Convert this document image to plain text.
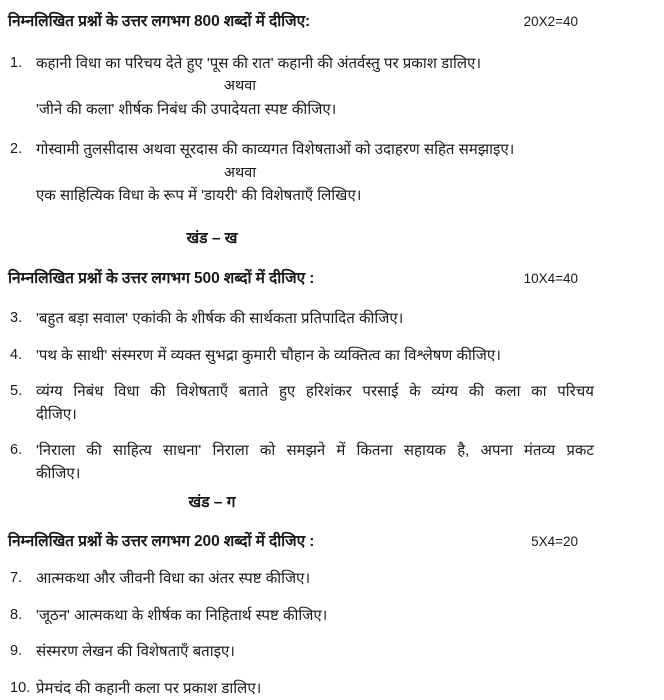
निम्नलिखित प्रश्नों के उत्तर लगभग 800 शब्दों में दीजिए:	20X2=40
1. कहानी विधा का परिचय देते हुए 'पूस की रात' कहानी की अंतर्वस्तु पर प्रकाश डालिए।
अथवा
'जीने की कला' शीर्षक निबंध की उपादेयता स्पष्ट कीजिए।
2. गोस्वामी तुलसीदास अथवा सूरदास की काव्यगत विशेषताओं को उदाहरण सहित समझाइए।
अथवा
एक साहित्यिक विधा के रूप में 'डायरी' की विशेषताएँ लिखिए।
खंड – ख
निम्नलिखित प्रश्नों के उत्तर लगभग 500 शब्दों में दीजिए :	10X4=40
3. 'बहुत बड़ा सवाल' एकांकी के शीर्षक की सार्थकता प्रतिपादित कीजिए।
4. 'पथ के साथी' संस्मरण में व्यक्त सुभद्रा कुमारी चौहान के व्यक्तित्व का विश्लेषण कीजिए।
5. व्यंग्य निबंध विधा की विशेषताएँ बताते हुए हरिशंकर परसाई के व्यंग्य की कला का परिचय
दीजिए।
6. 'निराला की साहित्य साधना' निराला को समझने में कितना सहायक है, अपना मंतव्य प्रकट
कीजिए।
खंड – ग
निम्नलिखित प्रश्नों के उत्तर लगभग 200 शब्दों में दीजिए :	5X4=20
7. आत्मकथा और जीवनी विधा का अंतर स्पष्ट कीजिए।
8. 'जूठन' आत्मकथा के शीर्षक का निहितार्थ स्पष्ट कीजिए।
9. संस्मरण लेखन की विशेषताएँ बताइए।
10. प्रेमचंद की कहानी कला पर प्रकाश डालिए।
